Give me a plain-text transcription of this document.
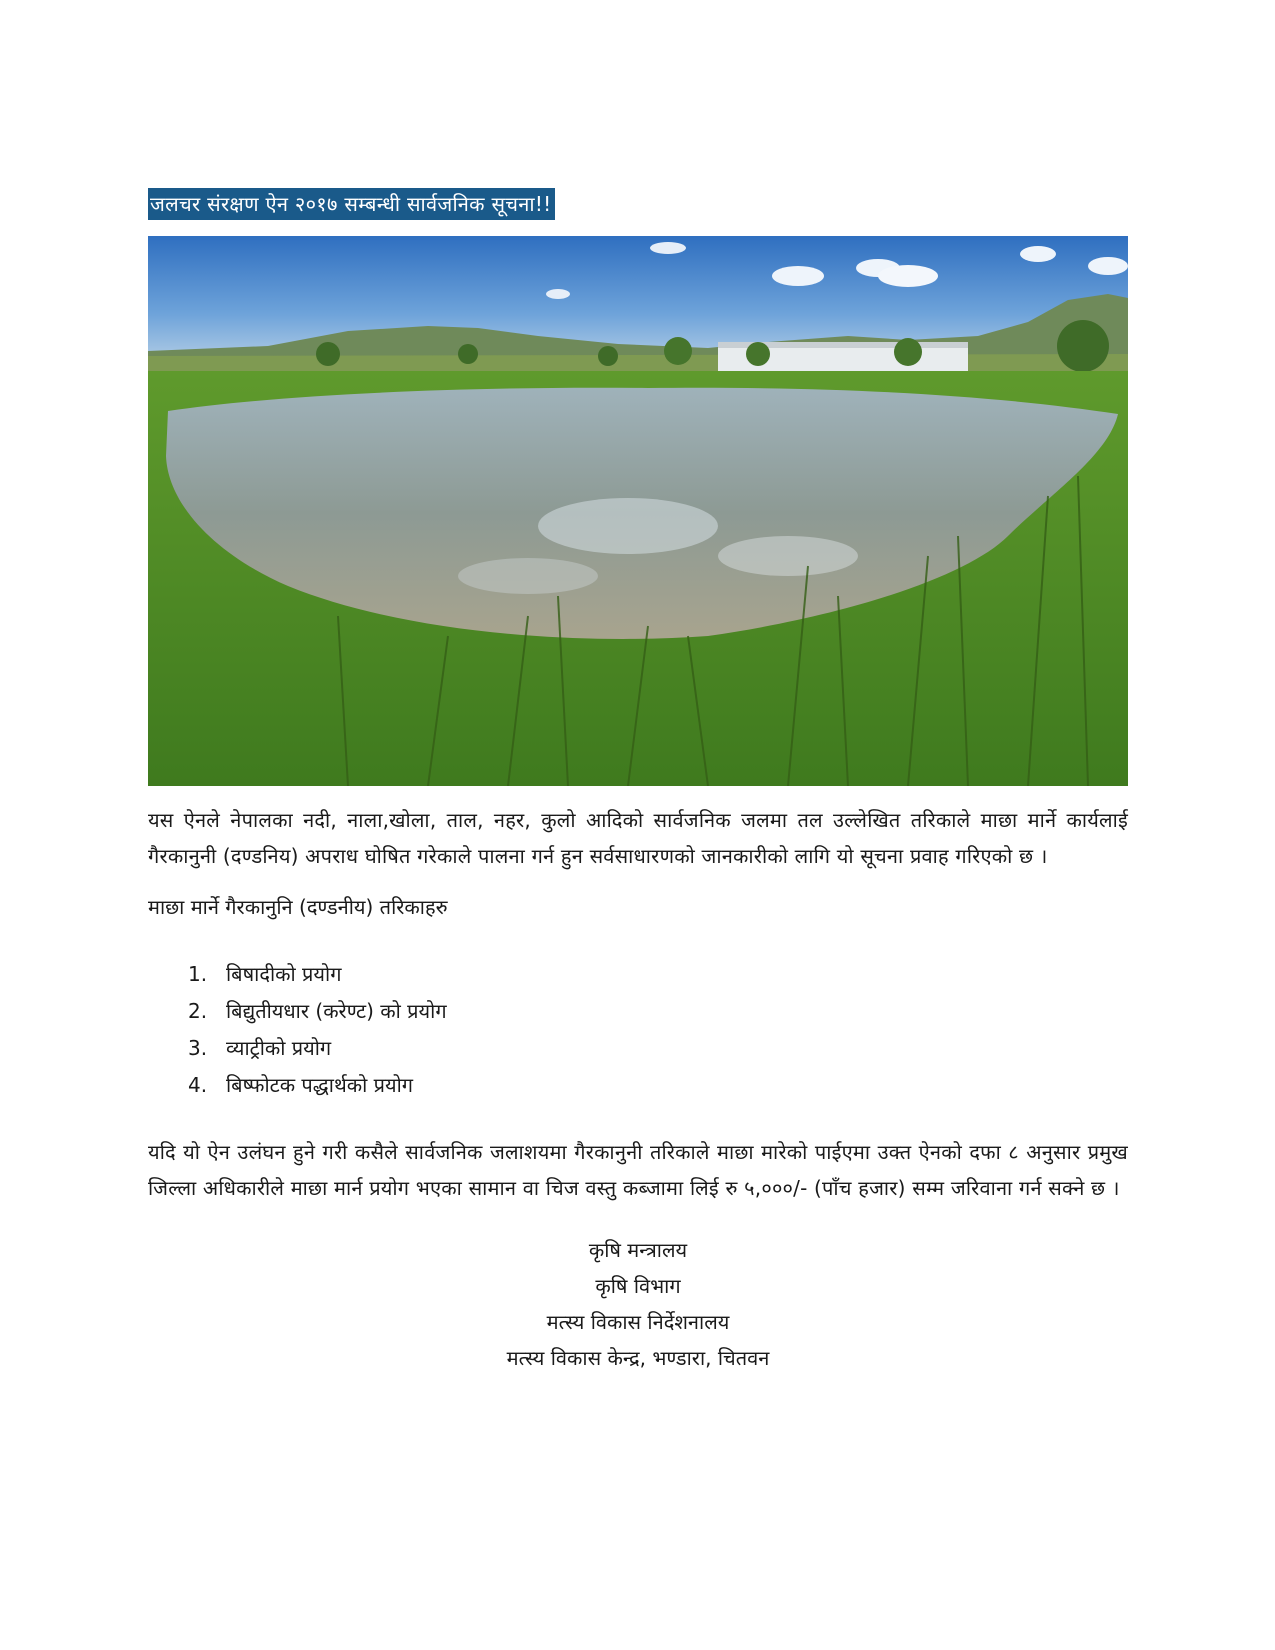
जलचर संरक्षण ऐन २०१७ सम्बन्धी सार्वजनिक सूचना!!

यस ऐनले नेपालका नदी, नाला,खोला, ताल, नहर, कुलो आदिको सार्वजनिक जलमा तल उल्लेखित तरिकाले माछा मार्ने कार्यलाई गैरकानुनी (दण्डनिय) अपराध घोषित गरेकाले पालना गर्न हुन सर्वसाधारणको जानकारीको लागि यो सूचना प्रवाह गरिएको छ ।

माछा मार्ने गैरकानुनि (दण्डनीय) तरिकाहरु

1. बिषादीको प्रयोग
2. बिद्युतीयधार (करेण्ट) को प्रयोग
3. व्याट्रीको प्रयोग
4. बिष्फोटक पद्धार्थको प्रयोग

यदि यो ऐन उलंघन हुने गरी कसैले सार्वजनिक जलाशयमा गैरकानुनी तरिकाले माछा मारेको पाईएमा उक्त ऐनको दफा ८ अनुसार प्रमुख जिल्ला अधिकारीले माछा मार्न प्रयोग भएका सामान वा चिज वस्तु कब्जामा लिई रु ५,०००/- (पाँच हजार) सम्म जरिवाना गर्न सक्ने छ ।

कृषि मन्त्रालय
कृषि विभाग
मत्स्य विकास निर्देशनालय
मत्स्य विकास केन्द्र, भण्डारा, चितवन
